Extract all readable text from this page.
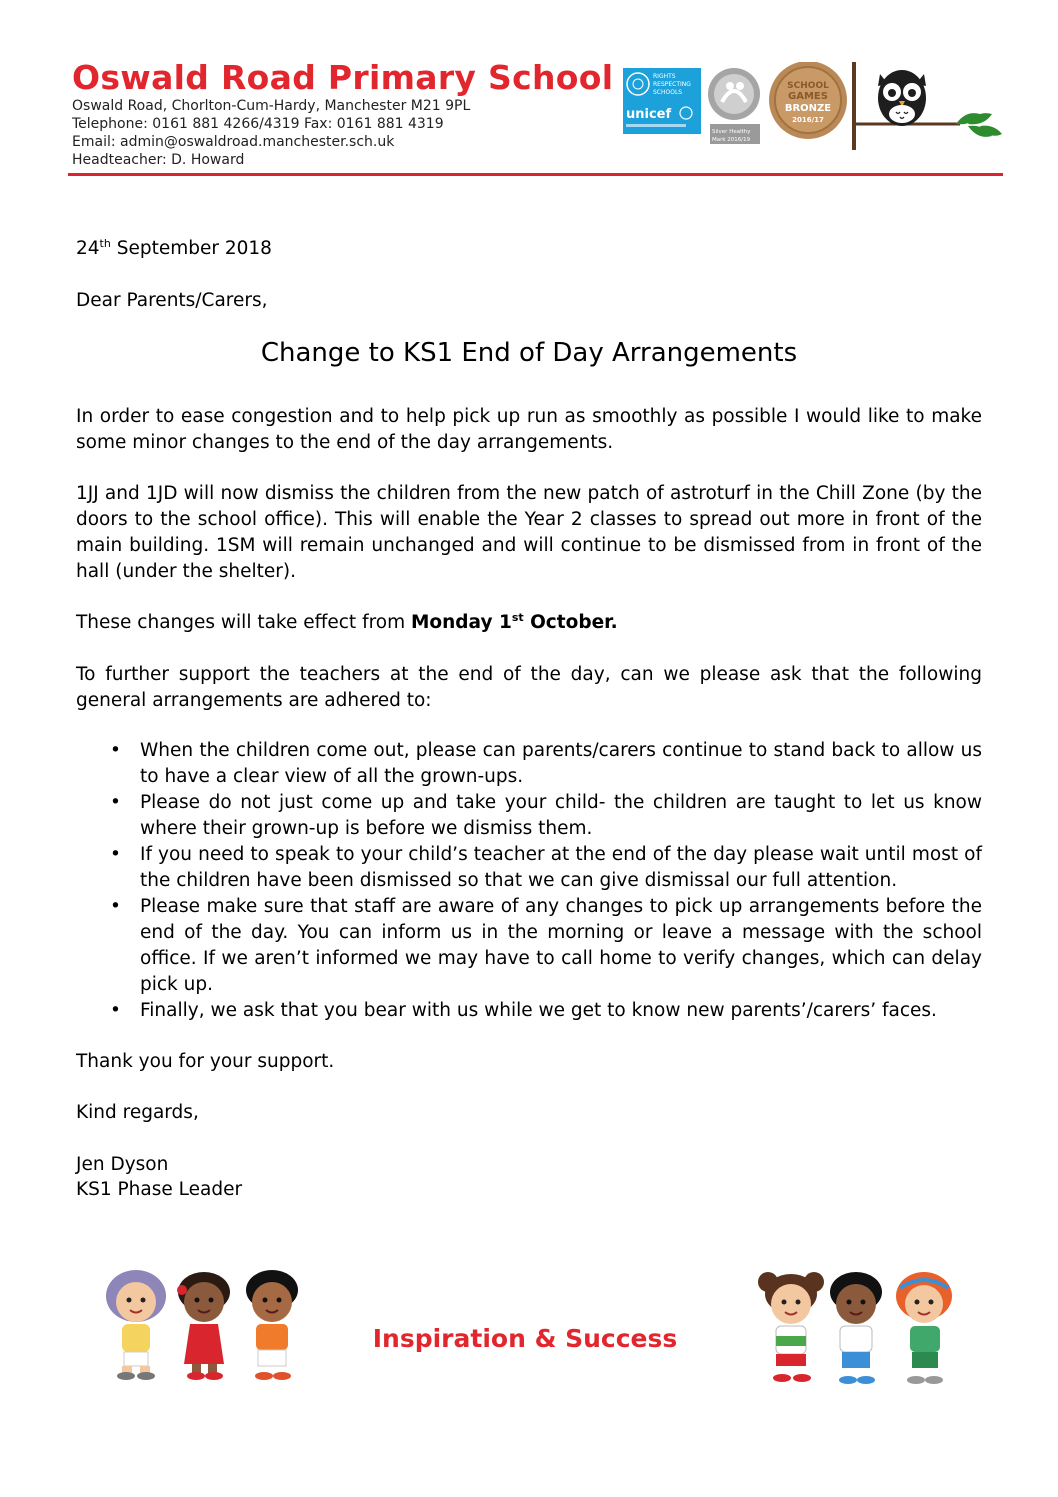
Oswald Road Primary School
Oswald Road, Chorlton-Cum-Hardy, Manchester M21 9PL
Telephone: 0161 881 4266/4319 Fax: 0161 881 4319
Email: admin@oswaldroad.manchester.sch.uk
Headteacher: D. Howard
RIGHTS
RESPECTING
SCHOOLS
unicef
Silver Healthy
Mark 2016/19
SCHOOL
GAMES
BRONZE
2016/17
24th September 2018
Dear Parents/Carers,
Change to KS1 End of Day Arrangements
In order to ease congestion and to help pick up run as smoothly as possible I would like to make some minor changes to the end of the day arrangements.
1JJ and 1JD will now dismiss the children from the new patch of astroturf in the Chill Zone (by the doors to the school office). This will enable the Year 2 classes to spread out more in front of the main building. 1SM will remain unchanged and will continue to be dismissed from in front of the hall (under the shelter).
These changes will take effect from Monday 1st October.
To further support the teachers at the end of the day, can we please ask that the following general arrangements are adhered to:
• When the children come out, please can parents/carers continue to stand back to allow us to have a clear view of all the grown-ups.
• Please do not just come up and take your child- the children are taught to let us know where their grown-up is before we dismiss them.
• If you need to speak to your child’s teacher at the end of the day please wait until most of the children have been dismissed so that we can give dismissal our full attention.
• Please make sure that staff are aware of any changes to pick up arrangements before the end of the day. You can inform us in the morning or leave a message with the school office. If we aren’t informed we may have to call home to verify changes, which can delay pick up.
• Finally, we ask that you bear with us while we get to know new parents’/carers’ faces.
Thank you for your support.
Kind regards,
Jen Dyson
KS1 Phase Leader
Inspiration & Success
